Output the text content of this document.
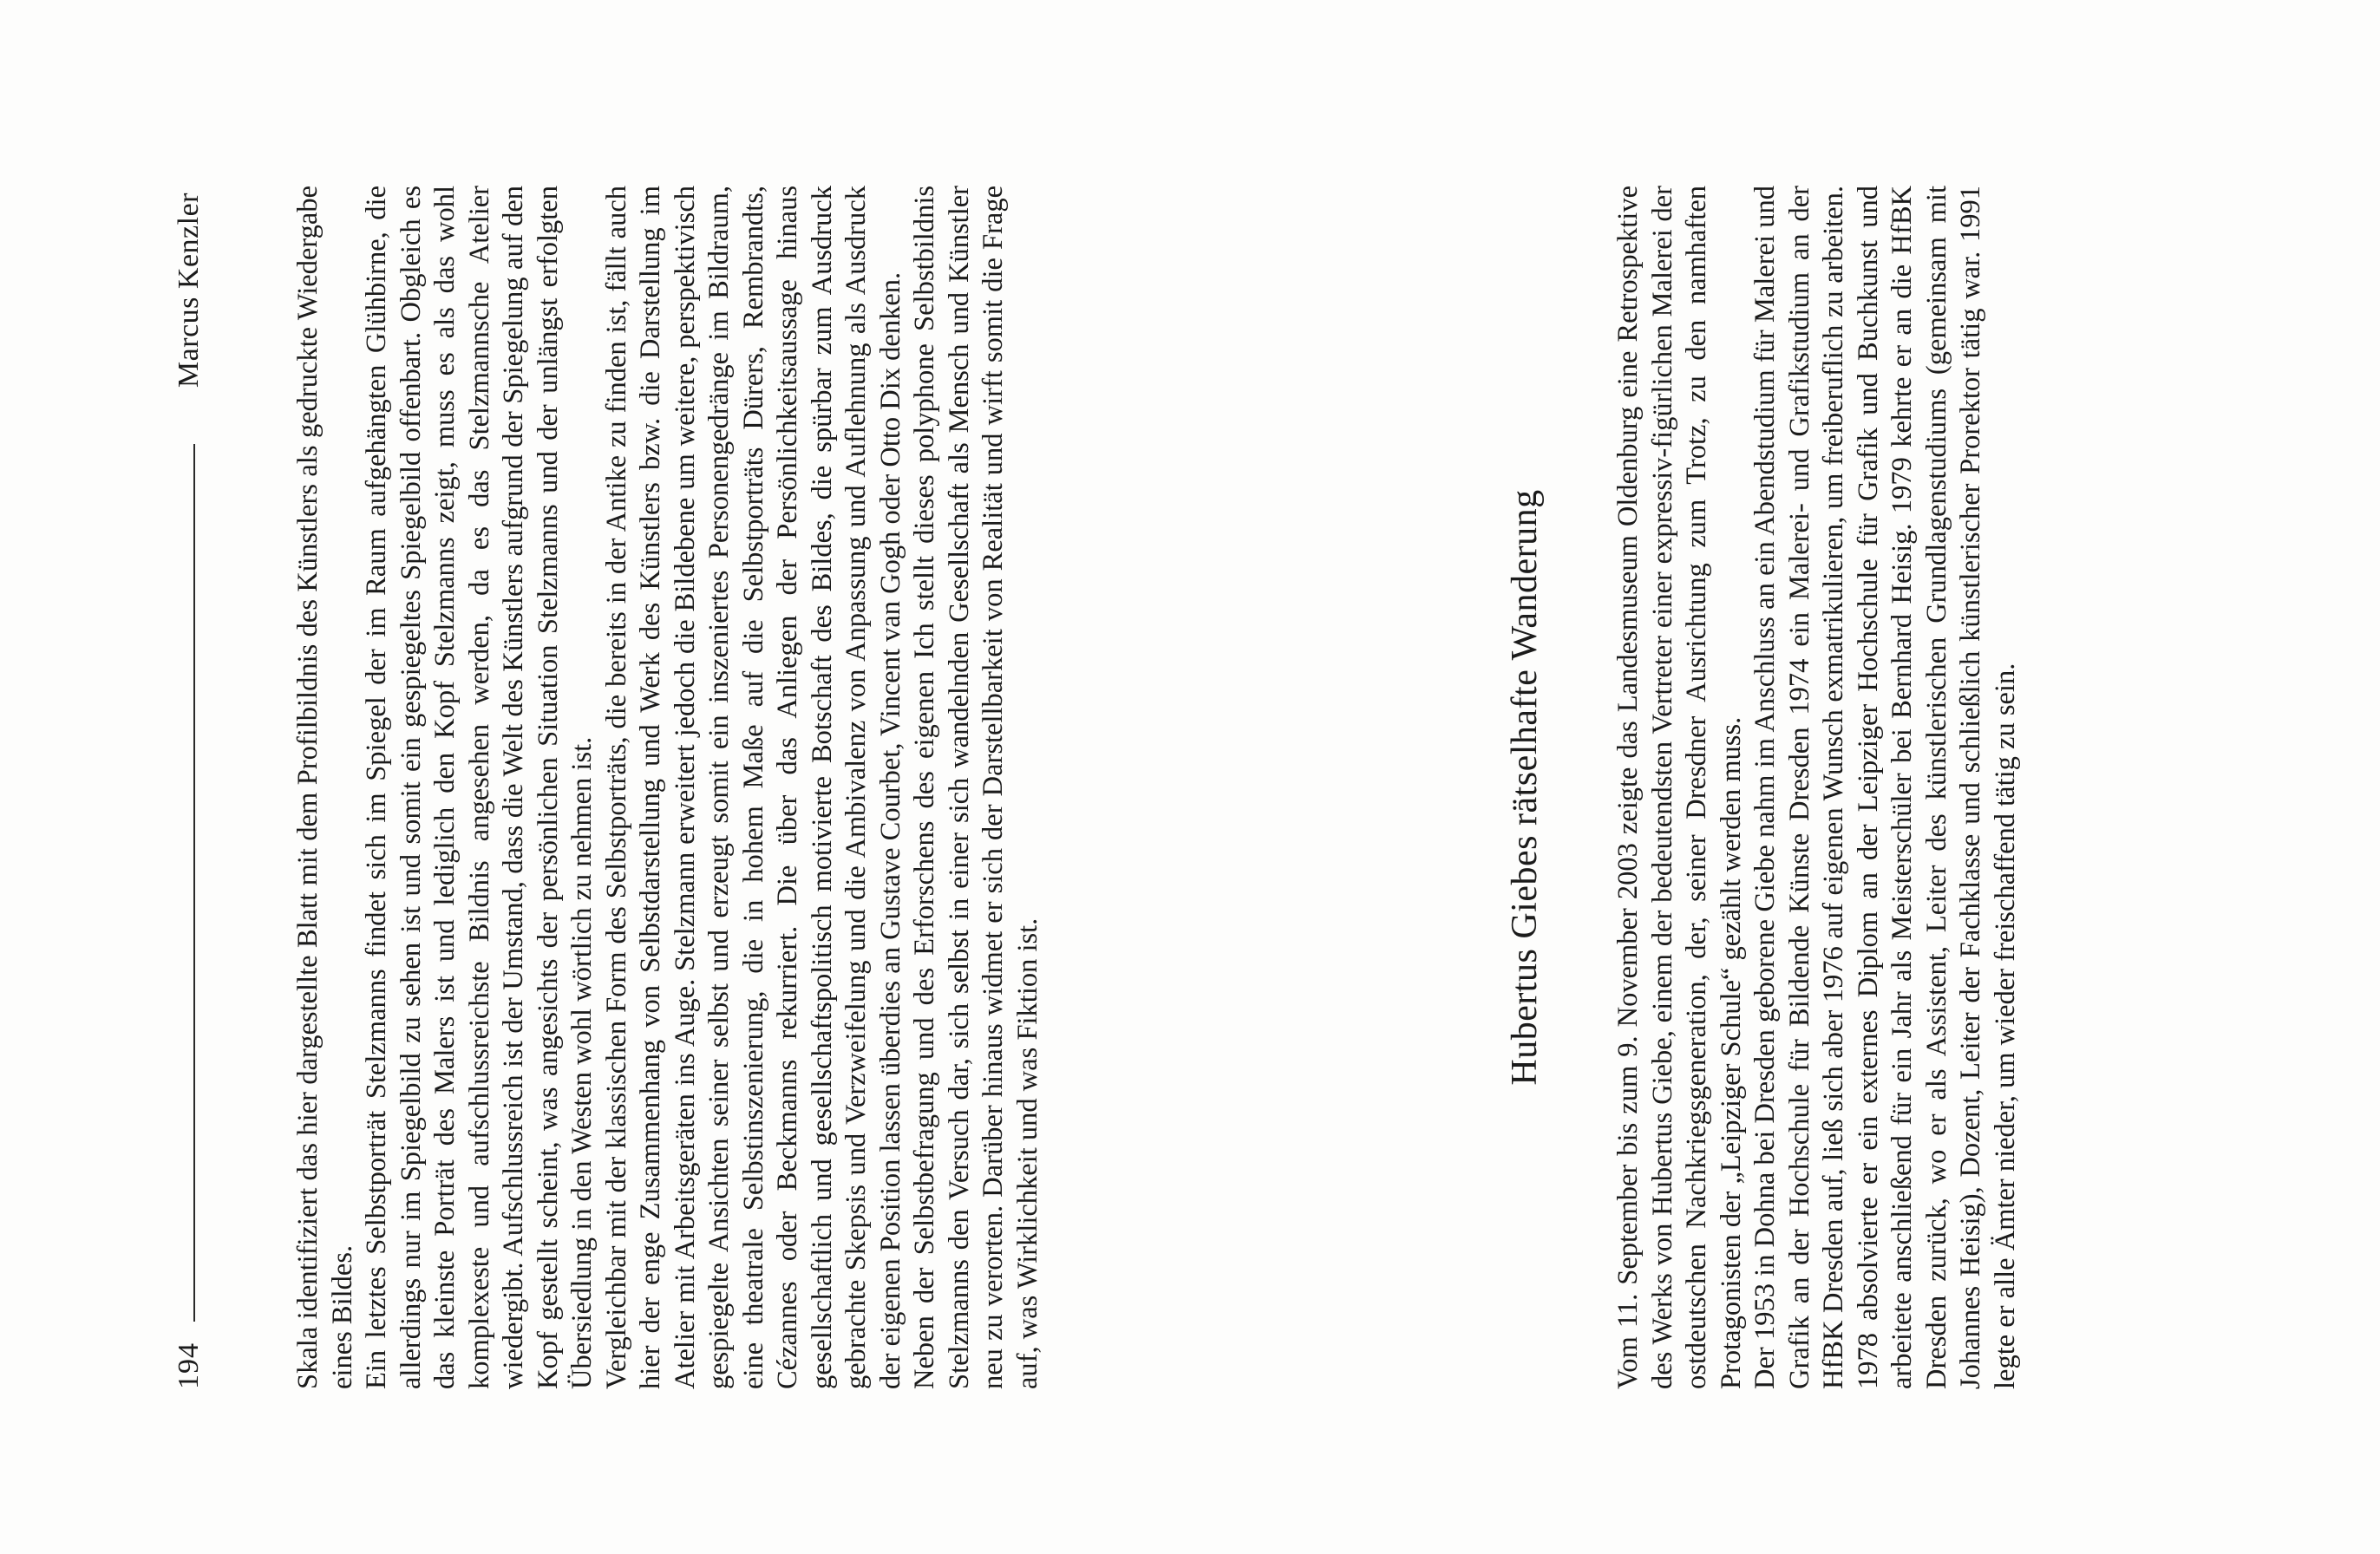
194
Marcus Kenzler	Skala identifiziert das hier dargestellte Blatt mit dem Profilbildnis des Künstlers als gedruckte Wiedergabe eines Bildes. Ein letztes Selbstporträt Stelzmanns findet sich im Spiegel der im Raum aufgehängten Glühbirne, die allerdings nur im Spiegelbild zu sehen ist und somit ein gespiegeltes Spiegelbild offenbart. Obgleich es das kleinste Porträt des Malers ist und lediglich den Kopf Stelzmanns zeigt, muss es als das wohl komplexeste und aufschlussreichste Bildnis angesehen werden, da es das Stelzmannsche Atelier wiedergibt. Aufschlussreich ist der Umstand, dass die Welt des Künstlers aufgrund der Spiegelung auf den Kopf gestellt scheint, was angesichts der persönlichen Situation Stelzmanns und der unlängst erfolgten Übersiedlung in den Westen wohl wörtlich zu nehmen ist. Vergleichbar mit der klassischen Form des Selbstporträts, die bereits in der Antike zu finden ist, fällt auch hier der enge Zusammenhang von Selbstdarstellung und Werk des Künstlers bzw. die Darstellung im Atelier mit Arbeitsgeräten ins Auge. Stelzmann erweitert jedoch die Bildebene um weitere, perspektivisch gespiegelte Ansichten seiner selbst und erzeugt somit ein inszeniertes Personengedränge im Bildraum, eine theatrale Selbstinszenierung, die in hohem Maße auf die Selbstporträts Dürers, Rembrandts, Cézannes oder Beckmanns rekurriert. Die über das Anliegen der Persönlichkeitsaussage hinaus gesellschaftlich und gesellschaftspolitisch motivierte Botschaft des Bildes, die spürbar zum Ausdruck gebrachte Skepsis und Verzweifelung und die Ambivalenz von Anpassung und Auflehnung als Ausdruck der eigenen Position lassen überdies an Gustave Courbet, Vincent van Gogh oder Otto Dix denken. Neben der Selbstbefragung und des Erforschens des eigenen Ich stellt dieses polyphone Selbstbildnis Stelzmanns den Versuch dar, sich selbst in einer sich wandelnden Gesellschaft als Mensch und Künstler neu zu verorten. Darüber hinaus widmet er sich der Darstellbarkeit von Realität und wirft somit die Frage auf, was Wirklichkeit und was Fiktion ist.

Hubertus Giebes rätselhafte Wanderung Vom 11. September bis zum 9. November 2003 zeigte das Landesmuseum Oldenburg eine Retrospektive des Werks von Hubertus Giebe, einem der bedeutendsten Vertreter einer expressiv-figürlichen Malerei der ostdeutschen Nachkriegsgeneration, der, seiner Dresdner Ausrichtung zum Trotz, zu den namhaften Protagonisten der „Leipziger Schule“ gezählt werden muss. Der 1953 in Dohna bei Dresden geborene Giebe nahm im Anschluss an ein Abendstudium für Malerei und Grafik an der Hochschule für Bildende Künste Dresden 1974 ein Malerei- und Grafikstudium an der HfBK Dresden auf, ließ sich aber 1976 auf eigenen Wunsch exmatrikulieren, um freiberuflich zu arbeiten. 1978 absolvierte er ein externes Diplom an der Leipziger Hochschule für Grafik und Buchkunst und arbeitete anschließend für ein Jahr als Meisterschüler bei Bernhard Heisig. 1979 kehrte er an die HfBK Dresden zurück, wo er als Assistent, Leiter des künstlerischen Grundlagenstudiums (gemeinsam mit Johannes Heisig), Dozent, Leiter der Fachklasse und schließlich künstlerischer Prorektor tätig war. 1991 legte er alle Ämter nieder, um wieder freischaffend tätig zu sein.
